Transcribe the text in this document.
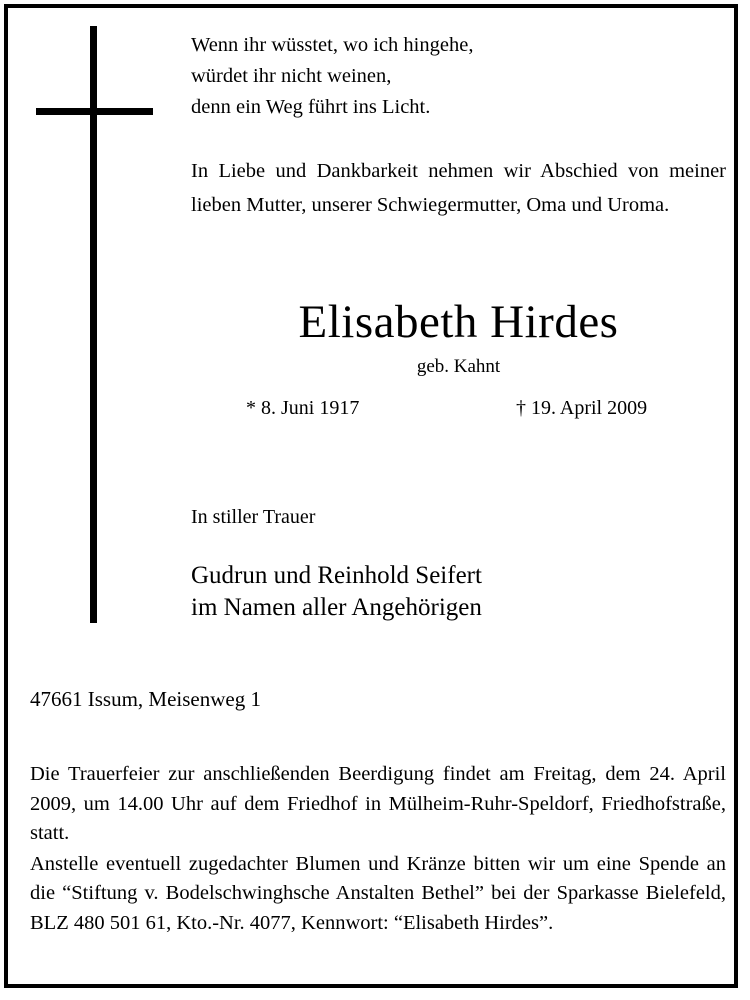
Wenn ihr wüsstet, wo ich hingehe,
würdet ihr nicht weinen,
denn ein Weg führt ins Licht.
In Liebe und Dankbarkeit nehmen wir Abschied von meiner lieben Mutter, unserer Schwiegermutter, Oma und Uroma.
Elisabeth Hirdes
geb. Kahnt
* 8. Juni 1917	† 19. April 2009
In stiller Trauer
Gudrun und Reinhold Seifert
im Namen aller Angehörigen
47661 Issum, Meisenweg 1
Die Trauerfeier zur anschließenden Beerdigung findet am Freitag, dem 24. April 2009, um 14.00 Uhr auf dem Friedhof in Mülheim-Ruhr-Speldorf, Friedhofstraße, statt.
Anstelle eventuell zugedachter Blumen und Kränze bitten wir um eine Spende an die “Stiftung v. Bodelschwinghsche Anstalten Bethel” bei der Sparkasse Bielefeld, BLZ 480 501 61, Kto.-Nr. 4077, Kennwort: “Elisabeth Hirdes”.
